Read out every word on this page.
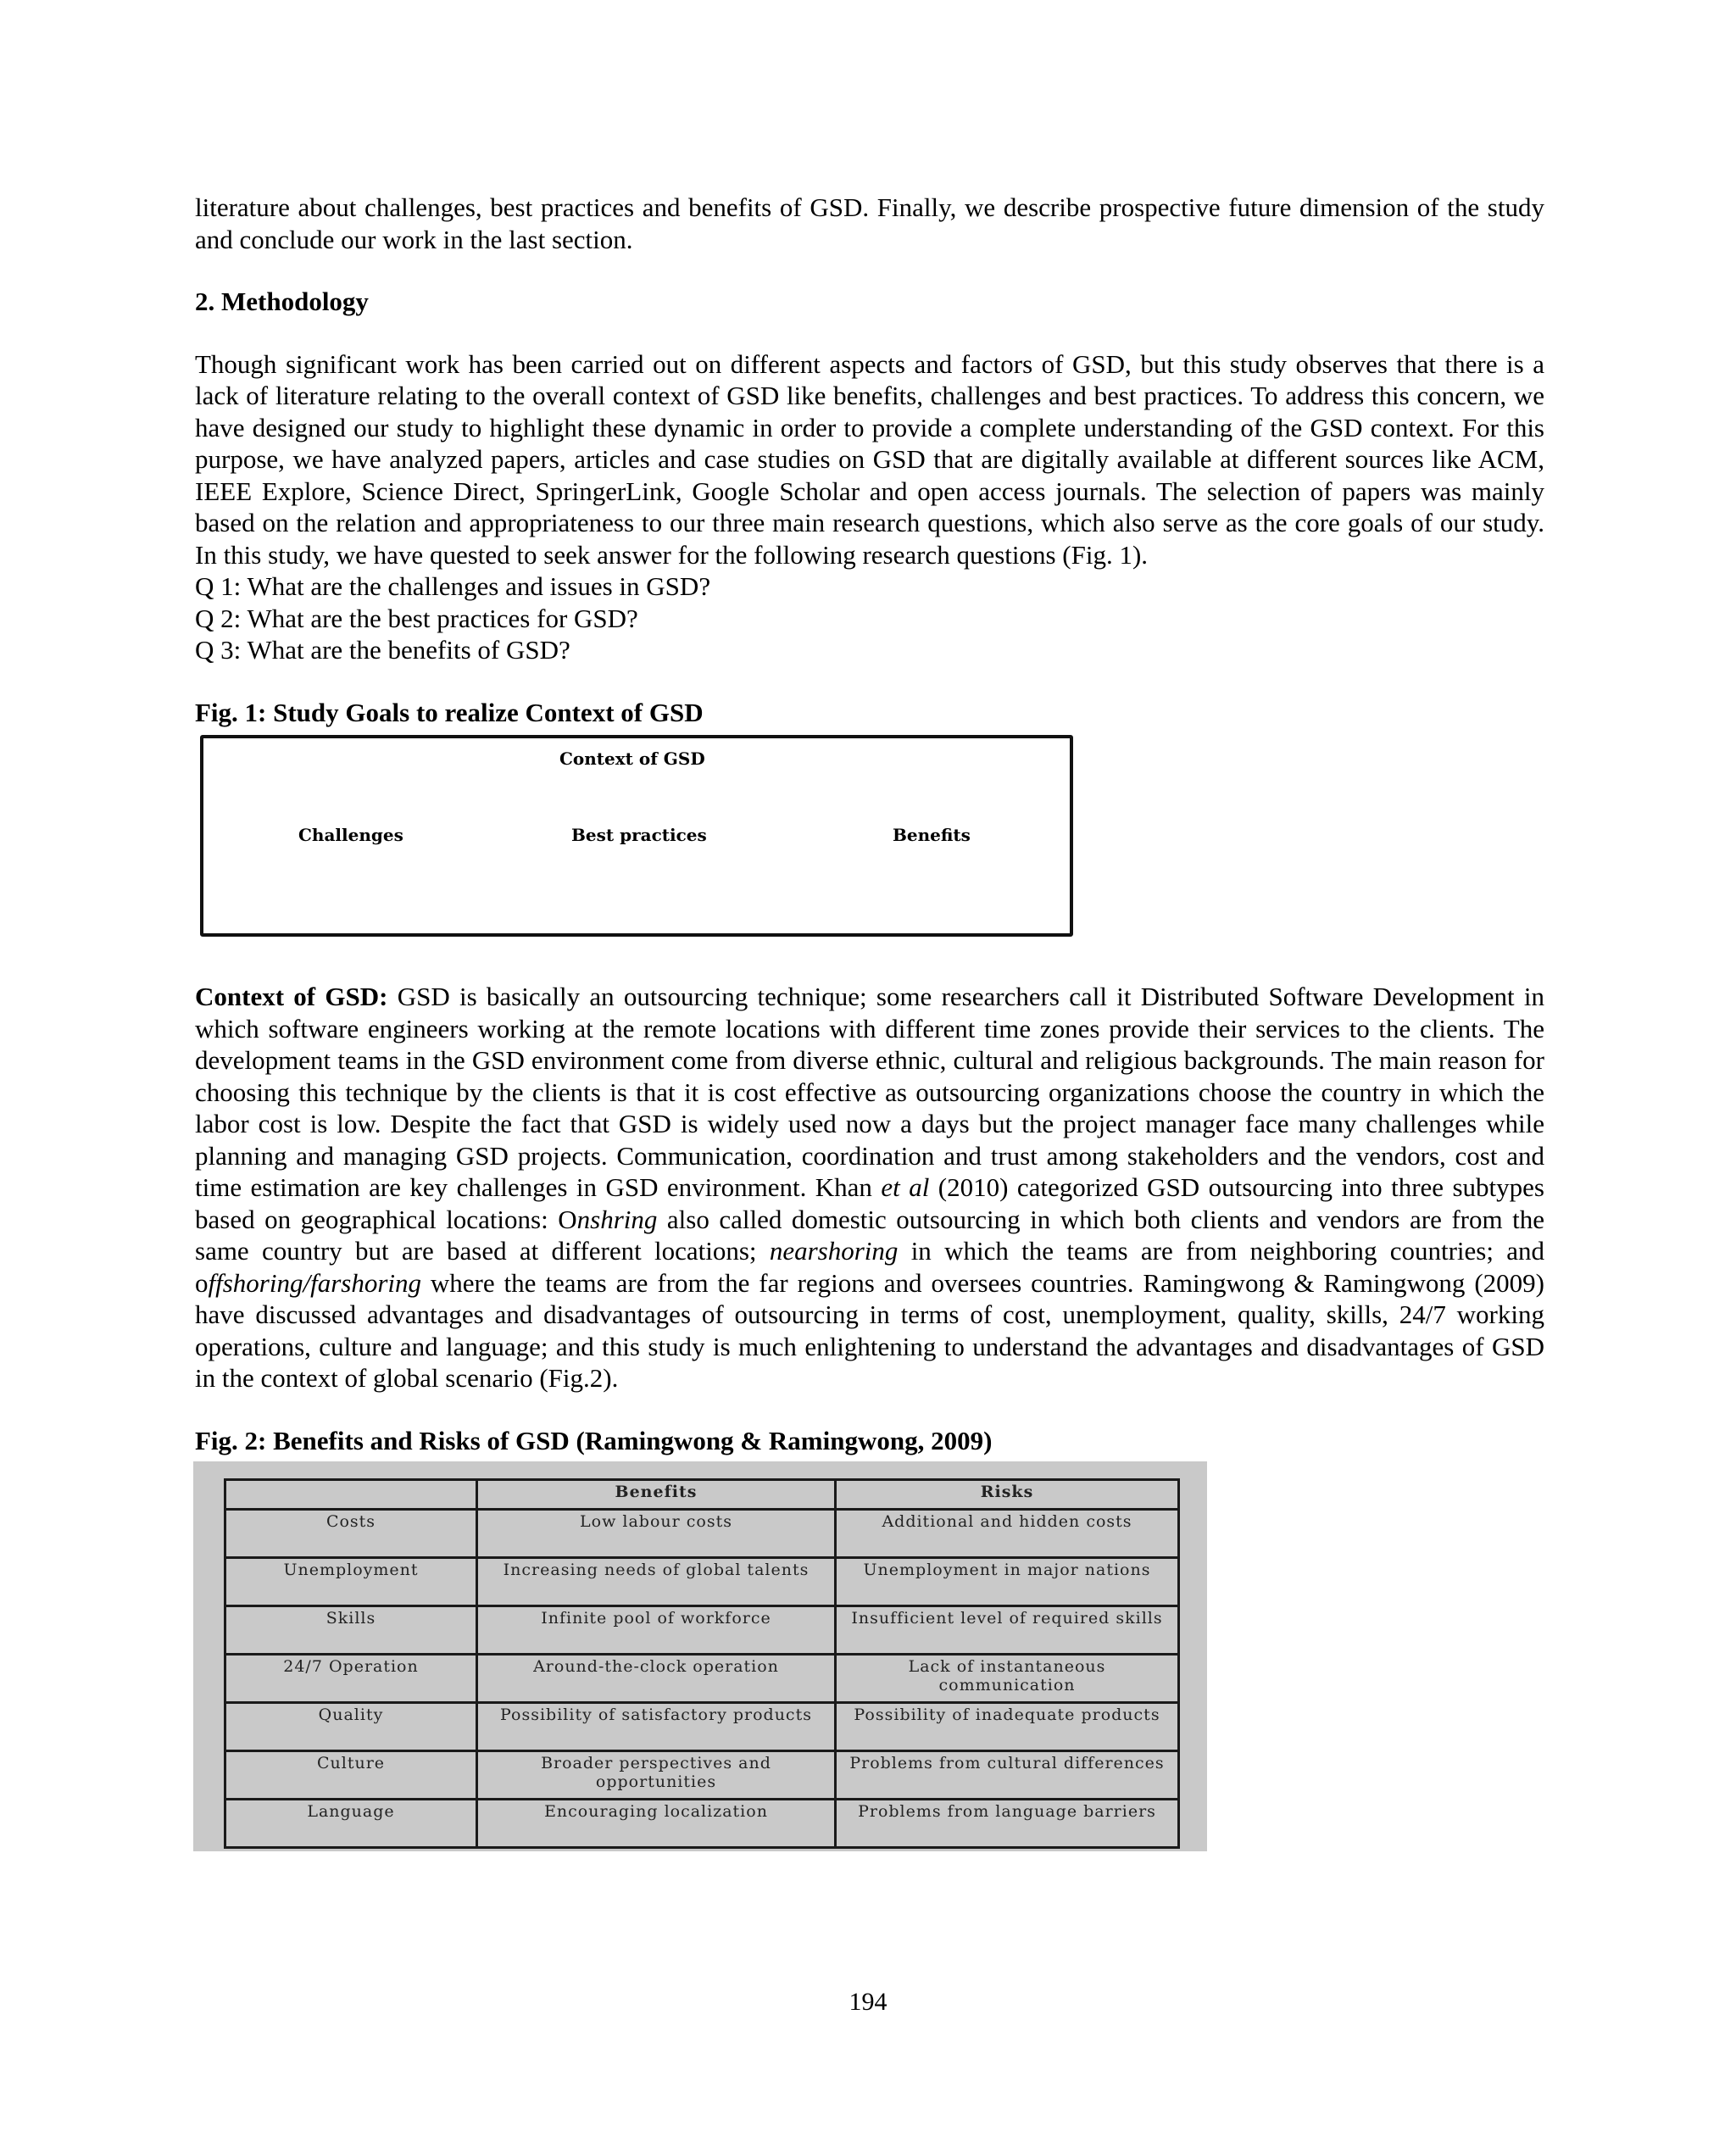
literature about challenges, best practices and benefits of GSD. Finally, we describe prospective future dimension of the study and conclude our work in the last section.

2. Methodology

Though significant work has been carried out on different aspects and factors of GSD, but this study observes that there is a lack of literature relating to the overall context of GSD like benefits, challenges and best practices. To address this concern, we have designed our study to highlight these dynamic in order to provide a complete understanding of the GSD context. For this purpose, we have analyzed papers, articles and case studies on GSD that are digitally available at different sources like ACM, IEEE Explore, Science Direct, SpringerLink, Google Scholar and open access journals. The selection of papers was mainly based on the relation and appropriateness to our three main research questions, which also serve as the core goals of our study. In this study, we have quested to seek answer for the following research questions (Fig. 1).

Q 1: What are the challenges and issues in GSD?

Q 2: What are the best practices for GSD?

Q 3: What are the benefits of GSD?

Fig. 1: Study Goals to realize Context of GSD
Context of GSD
Challenges	Best practices	Benefits

Context of GSD: GSD is basically an outsourcing technique; some researchers call it Distributed Software Development in which software engineers working at the remote locations with different time zones provide their services to the clients. The development teams in the GSD environment come from diverse ethnic, cultural and religious backgrounds. The main reason for choosing this technique by the clients is that it is cost effective as outsourcing organizations choose the country in which the labor cost is low. Despite the fact that GSD is widely used now a days but the project manager face many challenges while planning and managing GSD projects. Communication, coordination and trust among stakeholders and the vendors, cost and time estimation are key challenges in GSD environment. Khan et al (2010) categorized GSD outsourcing into three subtypes based on geographical locations: Onshring also called domestic outsourcing in which both clients and vendors are from the same country but are based at different locations; nearshoring in which the teams are from neighboring countries; and offshoring/farshoring where the teams are from the far regions and oversees countries. Ramingwong & Ramingwong (2009) have discussed advantages and disadvantages of outsourcing in terms of cost, unemployment, quality, skills, 24/7 working operations, culture and language; and this study is much enlightening to understand the advantages and disadvantages of GSD in the context of global scenario (Fig.2).

Fig. 2: Benefits and Risks of GSD (Ramingwong & Ramingwong, 2009)
	Benefits	Risks
Costs	Low labour costs	Additional and hidden costs
Unemployment	Increasing needs of global talents	Unemployment in major nations
Skills	Infinite pool of workforce	Insufficient level of required skills
24/7 Operation	Around-the-clock operation	Lack of instantaneous communication
Quality	Possibility of satisfactory products	Possibility of inadequate products
Culture	Broader perspectives and opportunities	Problems from cultural differences
Language	Encouraging localization	Problems from language barriers
194
